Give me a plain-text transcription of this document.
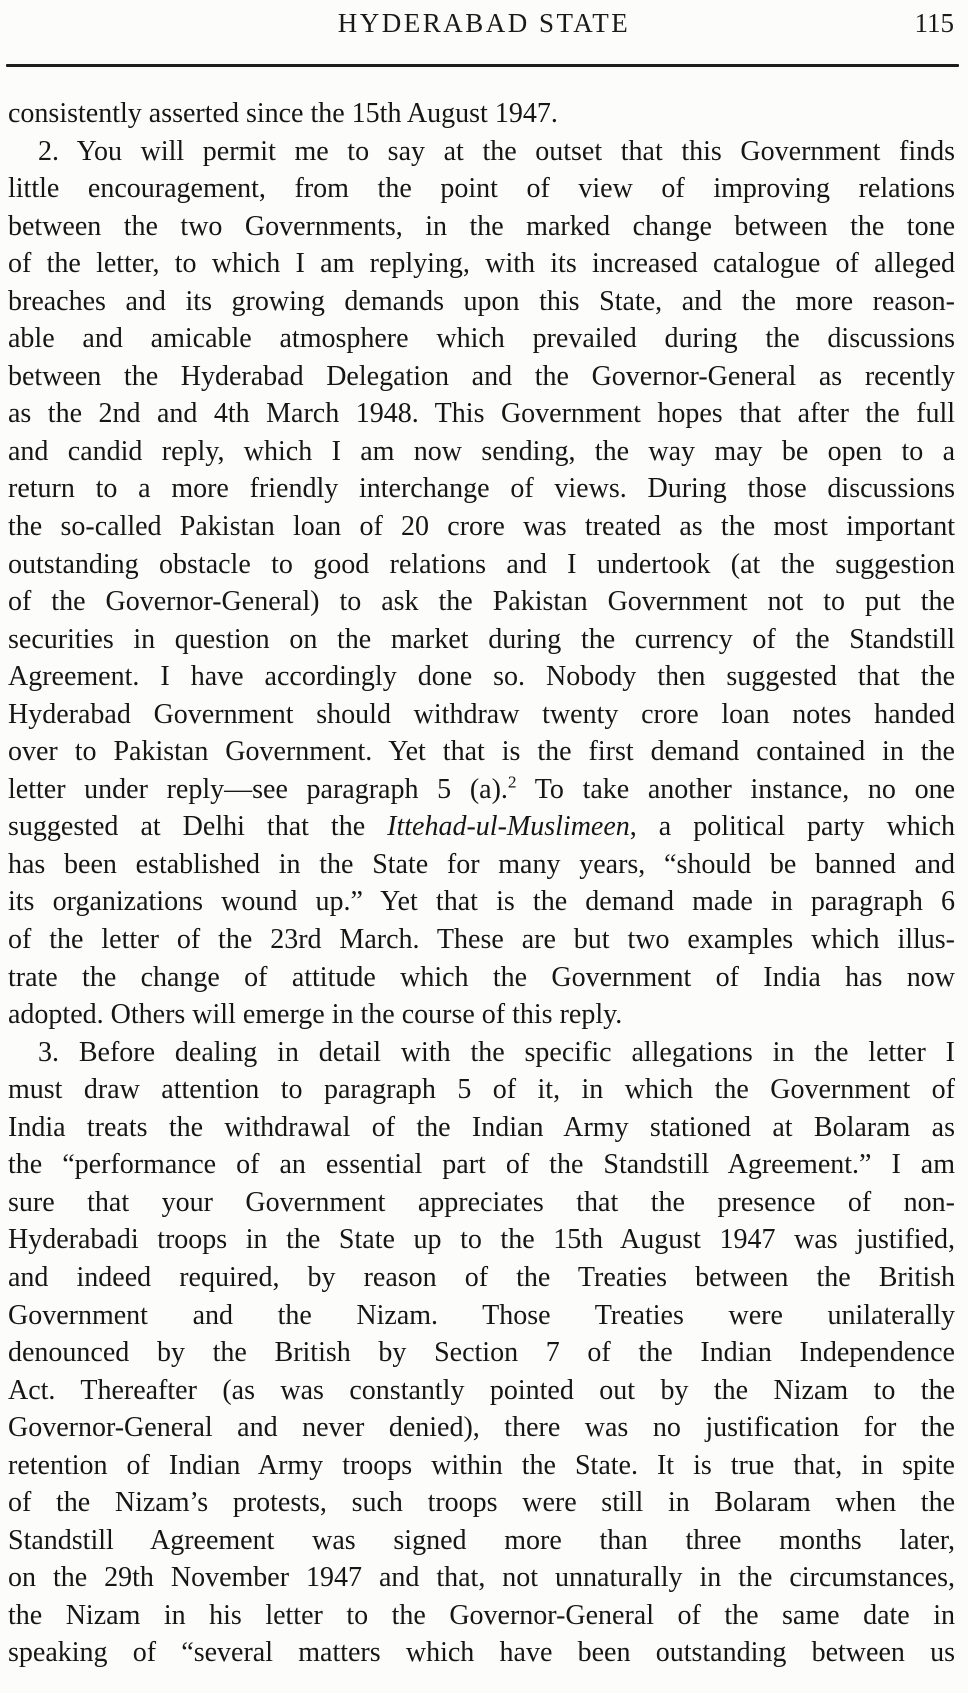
HYDERABAD STATE	115
consistently asserted since the 15th August 1947.
2. You will permit me to say at the outset that this Government finds
little encouragement, from the point of view of improving relations
between the two Governments, in the marked change between the tone
of the letter, to which I am replying, with its increased catalogue of alleged
breaches and its growing demands upon this State, and the more reason-
able and amicable atmosphere which prevailed during the discussions
between the Hyderabad Delegation and the Governor-General as recently
as the 2nd and 4th March 1948. This Government hopes that after the full
and candid reply, which I am now sending, the way may be open to a
return to a more friendly interchange of views. During those discussions
the so-called Pakistan loan of 20 crore was treated as the most important
outstanding obstacle to good relations and I undertook (at the suggestion
of the Governor-General) to ask the Pakistan Government not to put the
securities in question on the market during the currency of the Standstill
Agreement. I have accordingly done so. Nobody then suggested that the
Hyderabad Government should withdraw twenty crore loan notes handed
over to Pakistan Government. Yet that is the first demand contained in the
letter under reply—see paragraph 5 (a).$^2$ To take another instance, no one
suggested at Delhi that the Ittehad-ul-Muslimeen, a political party which
has been established in the State for many years, “should be banned and
its organizations wound up.” Yet that is the demand made in paragraph 6
of the letter of the 23rd March. These are but two examples which illus-
trate the change of attitude which the Government of India has now
adopted. Others will emerge in the course of this reply.
3. Before dealing in detail with the specific allegations in the letter I
must draw attention to paragraph 5 of it, in which the Government of
India treats the withdrawal of the Indian Army stationed at Bolaram as
the “performance of an essential part of the Standstill Agreement.” I am
sure that your Government appreciates that the presence of non-
Hyderabadi troops in the State up to the 15th August 1947 was justified,
and indeed required, by reason of the Treaties between the British
Government and the Nizam. Those Treaties were unilaterally
denounced by the British by Section 7 of the Indian Independence
Act. Thereafter (as was constantly pointed out by the Nizam to the
Governor-General and never denied), there was no justification for the
retention of Indian Army troops within the State. It is true that, in spite
of the Nizam’s protests, such troops were still in Bolaram when the
Standstill Agreement was signed more than three months later,
on the 29th November 1947 and that, not unnaturally in the circumstances,
the Nizam in his letter to the Governor-General of the same date in
speaking of “several matters which have been outstanding between us
